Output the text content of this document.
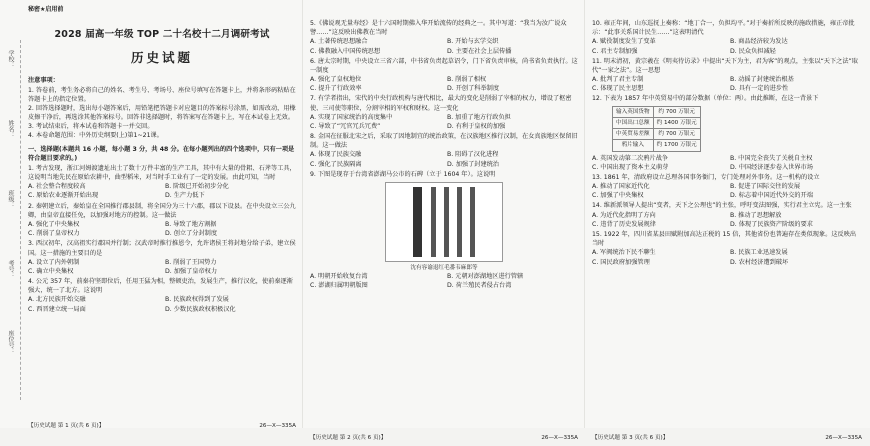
学校：
姓名：
班级：
考号：
座位号：

秘密★启用前

2028 届高一年级 TOP 二十名校十二月调研考试

历史试题

注意事项：

1. 答卷前，考生务必将自己的姓名、考生号、考场号、座位号填写在答题卡上，并将条形码粘贴在答题卡上的指定位置。

2. 回答选择题时，选出每小题答案后，用铅笔把答题卡对应题目的答案标号涂黑，如需改动，用橡皮擦干净后，再选涂其他答案标号。回答非选择题时，将答案写在答题卡上，写在本试卷上无效。

3. 考试结束后，将本试卷和答题卡一并交回。

4. 本卷命题范围：中外历史纲要(上)第1~21课。

一、选择题(本题共 16 小题，每小题 3 分，共 48 分。在每小题列出的四个选项中，只有一项是符合题目要求的。)

1. 考古发现，浙江河姆渡遗址出土了数十万件丰富的生产工具，其中有大量的骨耜、石斧等工具，这说明当地先民在原始农耕中，曲型稻米，对当时手工业有了一定的发展。由此可知，当时

A. 社会整合程度较高	B. 阶级已开始初步分化
C. 原始农业逐渐开始出现	D. 生产力低下

2. 秦朝建立后，秦始皇在全国推行郡县制，将全国分为三十六郡，郡以下设县。在中央设立三公九卿，由皇帝直接任免，以加强对地方的控制。这一做法

A. 强化了中央集权	B. 导致了地方割据
C. 削弱了皇帝权力	D. 创立了分封制度

3. 西汉初年，汉高祖实行郡国并行制；汉武帝时推行推恩令，允许诸侯王将封地分给子弟，建立侯国。这一措施的主要目的是

A. 设立了内外朝制	B. 削弱了王国势力
C. 确立中央集权	D. 加强了皇帝权力

4. 公元 357 年，前秦苻坚即位后，任用王猛为相，整顿吏治，发展生产，推行汉化，使前秦逐渐强大，统一了北方。这说明

A. 北方民族开始交融	B. 民族政权得到了发展
C. 西晋建立统一局面	D. 少数民族政权积极汉化
【历史试题 第 1 页(共 6 页)】	26—X—335A

5.《佛说观无量寿经》是十六国时期佛入华开始流传的经典之一。其中写道：“我当为汝广说众譬……”这反映出佛教在当时

A. 土著传统思想融合	B. 开始与玄学交织
C. 佛教融入中国传统思想	D. 主要在社会上层传播

6. 唐太宗时期，中央设立三省六部，中书省负责起草诏令，门下省负责审核，尚书省负责执行。这一制度

A. 强化了皇权地位	B. 削弱了相权
C. 提升了行政效率	D. 开创了科举制度

7. 有学者指出，宋代的中央行政机构与唐代相比，最大的变化是削弱了宰相的权力，增设了枢密使、三司使等职位，分割宰相的军权和财权。这一变化

A. 实现了国家统治的高度集中	B. 加重了地方行政负担
C. 导致了“冗官冗兵冗费”	D. 有利于皇权的加强

8. 金国在征服北宋之后，采取了因地制宜的统治政策，在汉族地区推行汉制，在女真族地区保留旧制。这一做法

A. 体现了民族交融	B. 阻碍了汉化进程
C. 强化了民族隔离	D. 加强了封建统治

9. 下图是现存于台湾省澎湖马公市的石碑（立于 1604 年）。这说明

沈有容谕退红毛番韦麻郎等

A. 明朝开始收复台湾	B. 元朝对澎湖地区进行管辖
C. 澎湖归属明朝版图	D. 荷兰殖民者侵占台湾
【历史试题 第 2 页(共 6 页)】	26—X—335A

10. 雍正年间，山东巡抚上奏称：“地丁合一，负担均平。”对于奏折所反映的施政措施，雍正帝批示：“此事关系国计民生……”这表明清代

A. 赋役制度发生了变革	B. 商品经济较为发达
C. 君主专制加强	D. 民众负担减轻

11. 明末清初，黄宗羲在《明夷待访录》中提出“天下为主，君为客”的观点，主张以“天下之法”取代“一家之法”。这一思想

A. 批判了君主专制	B. 动摇了封建统治根基
C. 体现了民主思想	D. 具有一定的进步性

12. 下表为 1857 年中英贸易中的部分数据（单位：两）。由此推断，在这一背景下

输入英国货物	约 700 万银元
中国出口总额	约 1400 万银元
中英贸易差额	约 700 万银元
鸦片输入	约 1700 万银元
A. 英国发动第二次鸦片战争	B. 中国完全丧失了关税自主权
C. 中国出现了资本主义萌芽	D. 中国经济逐步卷入世界市场

13. 1861 年，清政府设立总理各国事务衙门，专门处理对外事务。这一机构的设立

A. 推动了国家近代化	B. 促进了国际交往的发展
C. 加强了中央集权	D. 标志着中国近代外交的开端

14. 维新派领导人提出“变者，天下之公理也”的主张，呼吁变法图强，实行君主立宪。这一主张

A. 为近代化指明了方向	B. 推动了思想解放
C. 违背了历史发展规律	D. 体现了民族资产阶级的要求

15. 1922 年，四川省某县田赋附加高达正税的 15 倍，其他省份也普遍存在类似现象。这反映出当时

A. 军阀统治下民不聊生	B. 民族工业迅速发展
C. 国民政府加强管理	D. 农村经济遭到破坏
【历史试题 第 3 页(共 6 页)】	26—X—335A
